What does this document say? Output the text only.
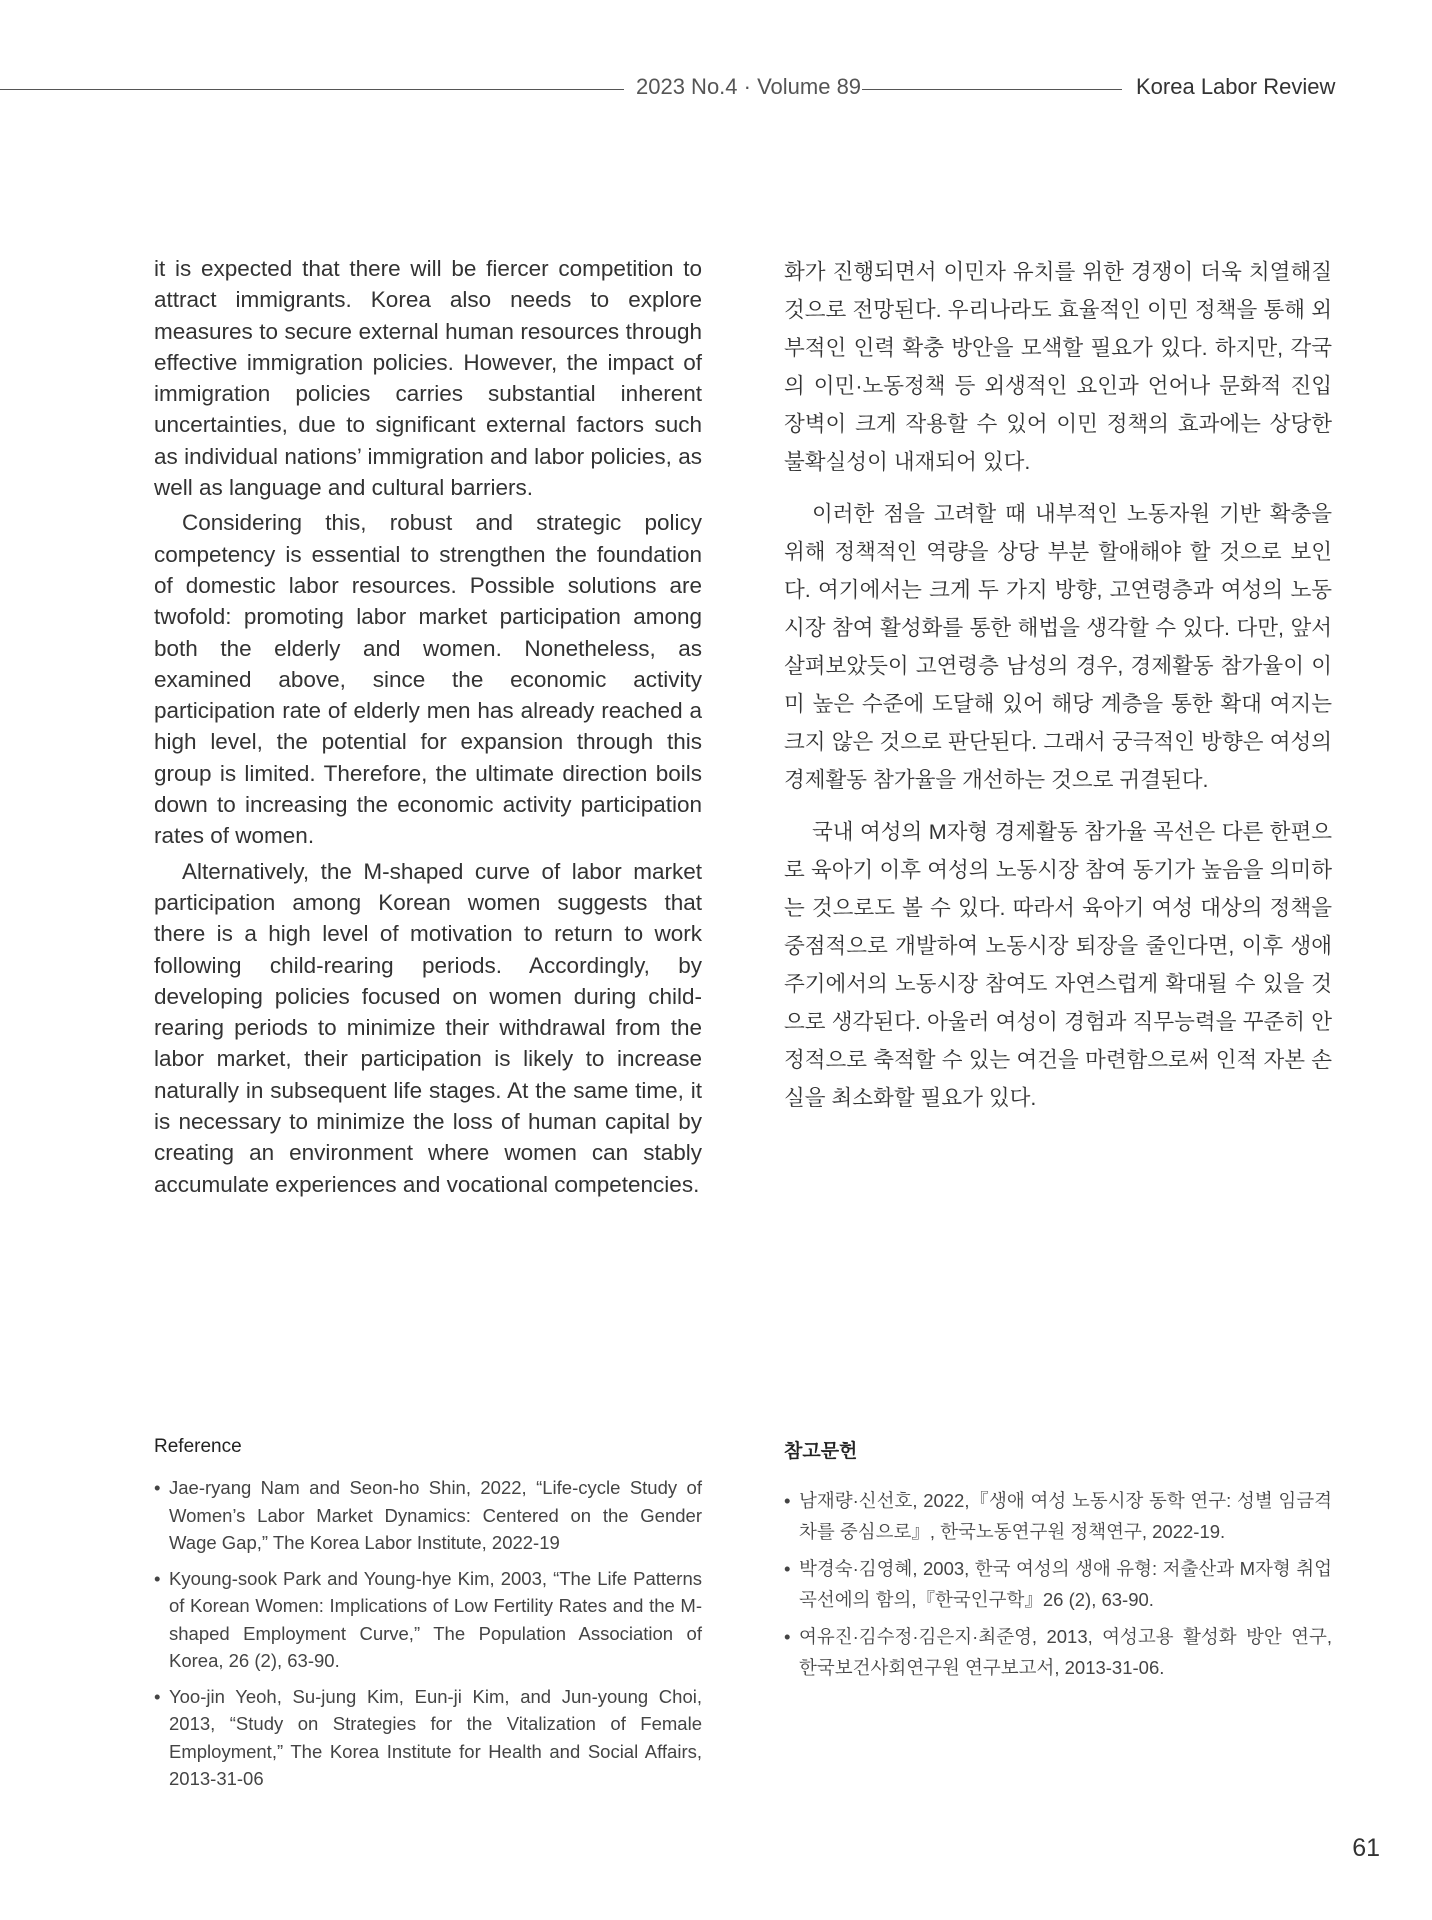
2023 No.4 · Volume 89	Korea Labor Review

it is expected that there will be fiercer competition to attract immigrants. Korea also needs to explore measures to secure external human resources through effective immigration policies. However, the impact of immigration policies carries substantial inherent uncertainties, due to significant external factors such as individual nations’ immigration and labor policies, as well as language and cultural barriers.

Considering this, robust and strategic policy competency is essential to strengthen the foundation of domestic labor resources. Possible solutions are twofold: promoting labor market participation among both the elderly and women. Nonetheless, as examined above, since the economic activity participation rate of elderly men has already reached a high level, the potential for expansion through this group is limited. Therefore, the ultimate direction boils down to increasing the economic activity participation rates of women.

Alternatively, the M-shaped curve of labor market participation among Korean women suggests that there is a high level of motivation to return to work following child-rearing periods. Accordingly, by developing policies focused on women during child-rearing periods to minimize their withdrawal from the labor market, their participation is likely to increase naturally in subsequent life stages. At the same time, it is necessary to minimize the loss of human capital by creating an environment where women can stably accumulate experiences and vocational competencies.

화가 진행되면서 이민자 유치를 위한 경쟁이 더욱 치열해질 것으로 전망된다. 우리나라도 효율적인 이민 정책을 통해 외부적인 인력 확충 방안을 모색할 필요가 있다. 하지만, 각국의 이민·노동정책 등 외생적인 요인과 언어나 문화적 진입 장벽이 크게 작용할 수 있어 이민 정책의 효과에는 상당한 불확실성이 내재되어 있다.

이러한 점을 고려할 때 내부적인 노동자원 기반 확충을 위해 정책적인 역량을 상당 부분 할애해야 할 것으로 보인다. 여기에서는 크게 두 가지 방향, 고연령층과 여성의 노동시장 참여 활성화를 통한 해법을 생각할 수 있다. 다만, 앞서 살펴보았듯이 고연령층 남성의 경우, 경제활동 참가율이 이미 높은 수준에 도달해 있어 해당 계층을 통한 확대 여지는 크지 않은 것으로 판단된다. 그래서 궁극적인 방향은 여성의 경제활동 참가율을 개선하는 것으로 귀결된다.

국내 여성의 M자형 경제활동 참가율 곡선은 다른 한편으로 육아기 이후 여성의 노동시장 참여 동기가 높음을 의미하는 것으로도 볼 수 있다. 따라서 육아기 여성 대상의 정책을 중점적으로 개발하여 노동시장 퇴장을 줄인다면, 이후 생애 주기에서의 노동시장 참여도 자연스럽게 확대될 수 있을 것으로 생각된다. 아울러 여성이 경험과 직무능력을 꾸준히 안정적으로 축적할 수 있는 여건을 마련함으로써 인적 자본 손실을 최소화할 필요가 있다.

Reference
• Jae-ryang Nam and Seon-ho Shin, 2022, “Life-cycle Study of Women’s Labor Market Dynamics: Centered on the Gender Wage Gap,” The Korea Labor Institute, 2022-19
• Kyoung-sook Park and Young-hye Kim, 2003, “The Life Patterns of Korean Women: Implications of Low Fertility Rates and the M-shaped Employment Curve,” The Population Association of Korea, 26 (2), 63-90.
• Yoo-jin Yeoh, Su-jung Kim, Eun-ji Kim, and Jun-young Choi, 2013, “Study on Strategies for the Vitalization of Female Employment,” The Korea Institute for Health and Social Affairs, 2013-31-06
참고문헌
• 남재량·신선호, 2022,『생애 여성 노동시장 동학 연구: 성별 임금격차를 중심으로』, 한국노동연구원 정책연구, 2022-19.
• 박경숙·김영혜, 2003, 한국 여성의 생애 유형: 저출산과 M자형 취업곡선에의 함의,『한국인구학』26 (2), 63-90.
• 여유진·김수정·김은지·최준영, 2013, 여성고용 활성화 방안 연구, 한국보건사회연구원 연구보고서, 2013-31-06.
61
